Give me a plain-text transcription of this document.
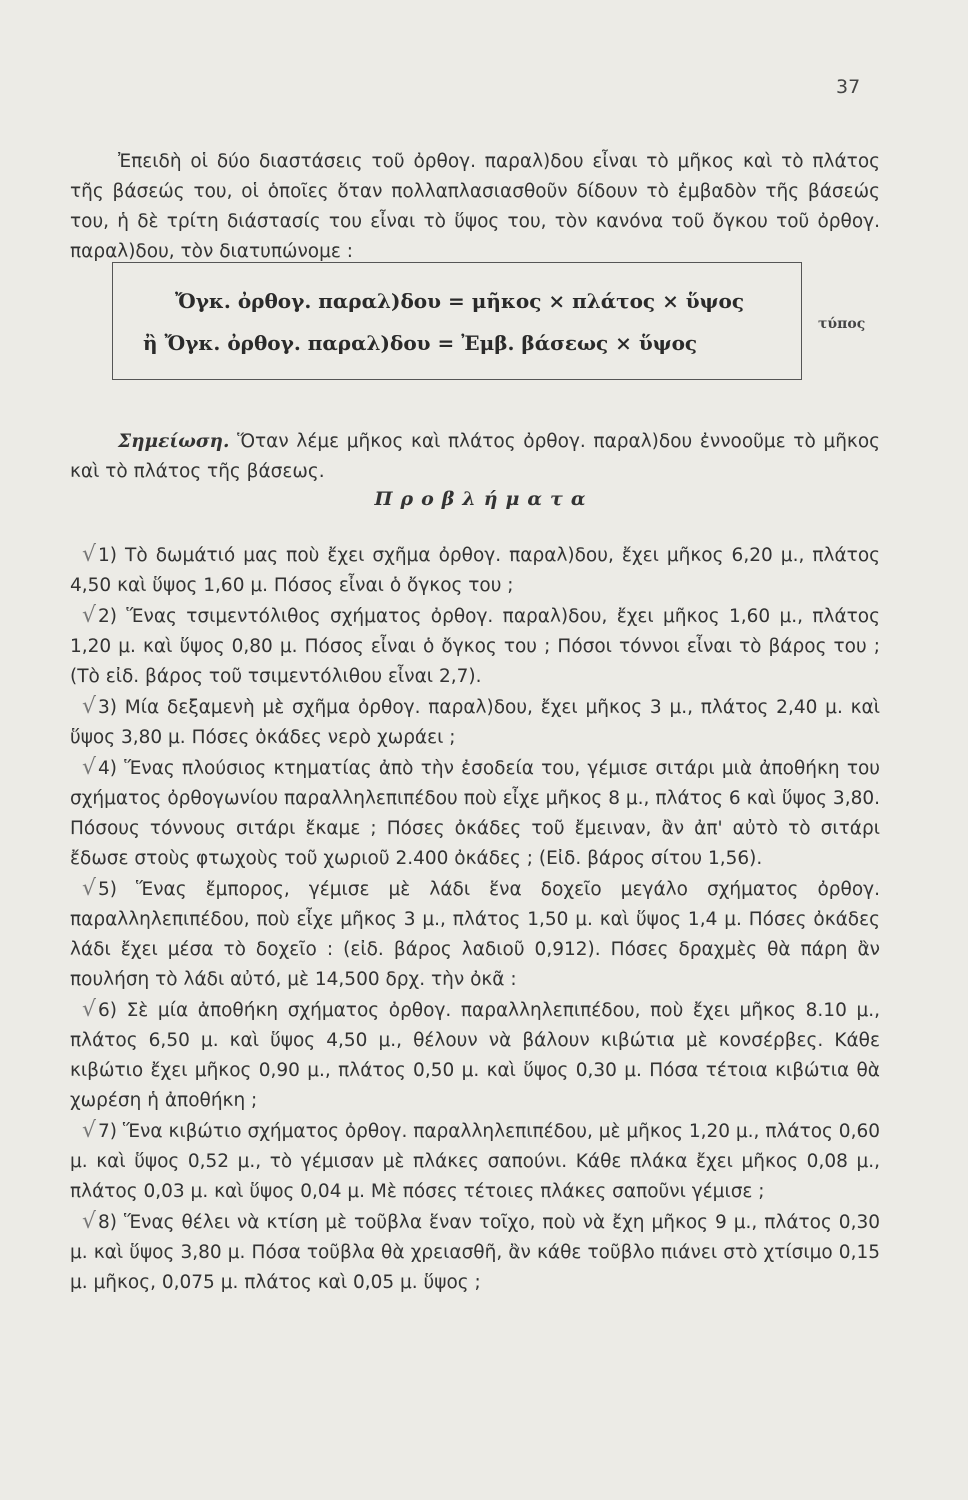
37

Ἐπειδὴ οἱ δύο διαστάσεις τοῦ ὀρθογ. παραλ)δου εἶναι τὸ μῆκος καὶ τὸ πλάτος τῆς βάσεώς του, οἱ ὁποῖες ὅταν πολλαπλασιασθοῦν δίδουν τὸ ἐμβαδὸν τῆς βάσεώς του, ἡ δὲ τρίτη διάστασίς του εἶναι τὸ ὕψος του, τὸν κανόνα τοῦ ὄγκου τοῦ ὀρθογ. παραλ)δου, τὸν διατυπώνομε :

Ὄγκ. ὀρθογ. παραλ)δου = μῆκος × πλάτος × ὕψος
ἢ Ὄγκ. ὀρθογ. παραλ)δου = Ἐμβ. βάσεως × ὕψος
τύπος

Σημείωση. Ὅταν λέμε μῆκος καὶ πλάτος ὀρθογ. παραλ)δου ἐννοοῦμε τὸ μῆκος καὶ τὸ πλάτος τῆς βάσεως.

Προβλήματα

√ 1) Τὸ δωμάτιό μας ποὺ ἔχει σχῆμα ὀρθογ. παραλ)δου, ἔχει μῆκος 6,20 μ., πλάτος 4,50 καὶ ὕψος 1,60 μ. Πόσος εἶναι ὁ ὄγκος του ;

√ 2) Ἕνας τσιμεντόλιθος σχήματος ὀρθογ. παραλ)δου, ἔχει μῆκος 1,60 μ., πλάτος 1,20 μ. καὶ ὕψος 0,80 μ. Πόσος εἶναι ὁ ὄγκος του ; Πόσοι τόννοι εἶναι τὸ βάρος του ; (Τὸ εἰδ. βάρος τοῦ τσιμεντόλιθου εἶναι 2,7).

√ 3) Μία δεξαμενὴ μὲ σχῆμα ὀρθογ. παραλ)δου, ἔχει μῆκος 3 μ., πλάτος 2,40 μ. καὶ ὕψος 3,80 μ. Πόσες ὀκάδες νερὸ χωράει ;

√ 4) Ἕνας πλούσιος κτηματίας ἀπὸ τὴν ἐσοδεία του, γέμισε σιτάρι μιὰ ἀποθήκη του σχήματος ὀρθογωνίου παραλληλεπιπέδου ποὺ εἶχε μῆκος 8 μ., πλάτος 6 καὶ ὕψος 3,80. Πόσους τόννους σιτάρι ἔκαμε ; Πόσες ὀκάδες τοῦ ἔμειναν, ἂν ἀπ' αὐτὸ τὸ σιτάρι ἔδωσε στοὺς φτωχοὺς τοῦ χωριοῦ 2.400 ὀκάδες ; (Εἰδ. βάρος σίτου 1,56).

√ 5) Ἕνας ἔμπορος, γέμισε μὲ λάδι ἕνα δοχεῖο μεγάλο σχήματος ὀρθογ. παραλληλεπιπέδου, ποὺ εἶχε μῆκος 3 μ., πλάτος 1,50 μ. καὶ ὕψος 1,4 μ. Πόσες ὀκάδες λάδι ἔχει μέσα τὸ δοχεῖο : (εἰδ. βάρος λαδιοῦ 0,912). Πόσες δραχμὲς θὰ πάρη ἂν πουλήση τὸ λάδι αὐτό, μὲ 14,500 δρχ. τὴν ὀκᾶ :

√ 6) Σὲ μία ἀποθήκη σχήματος ὀρθογ. παραλληλεπιπέδου, ποὺ ἔχει μῆκος 8.10 μ., πλάτος 6,50 μ. καὶ ὕψος 4,50 μ., θέλουν νὰ βάλουν κιβώτια μὲ κονσέρβες. Κάθε κιβώτιο ἔχει μῆκος 0,90 μ., πλάτος 0,50 μ. καὶ ὕψος 0,30 μ. Πόσα τέτοια κιβώτια θὰ χωρέση ἡ ἀποθήκη ;

√ 7) Ἕνα κιβώτιο σχήματος ὀρθογ. παραλληλεπιπέδου, μὲ μῆκος 1,20 μ., πλάτος 0,60 μ. καὶ ὕψος 0,52 μ., τὸ γέμισαν μὲ πλάκες σαπούνι. Κάθε πλάκα ἔχει μῆκος 0,08 μ., πλάτος 0,03 μ. καὶ ὕψος 0,04 μ. Μὲ πόσες τέτοιες πλάκες σαποῦνι γέμισε ;

√ 8) Ἕνας θέλει νὰ κτίση μὲ τοῦβλα ἕναν τοῖχο, ποὺ νὰ ἔχη μῆκος 9 μ., πλάτος 0,30 μ. καὶ ὕψος 3,80 μ. Πόσα τοῦβλα θὰ χρειασθῆ, ἂν κάθε τοῦβλο πιάνει στὸ χτίσιμο 0,15 μ. μῆκος, 0,075 μ. πλάτος καὶ 0,05 μ. ὕψος ;
